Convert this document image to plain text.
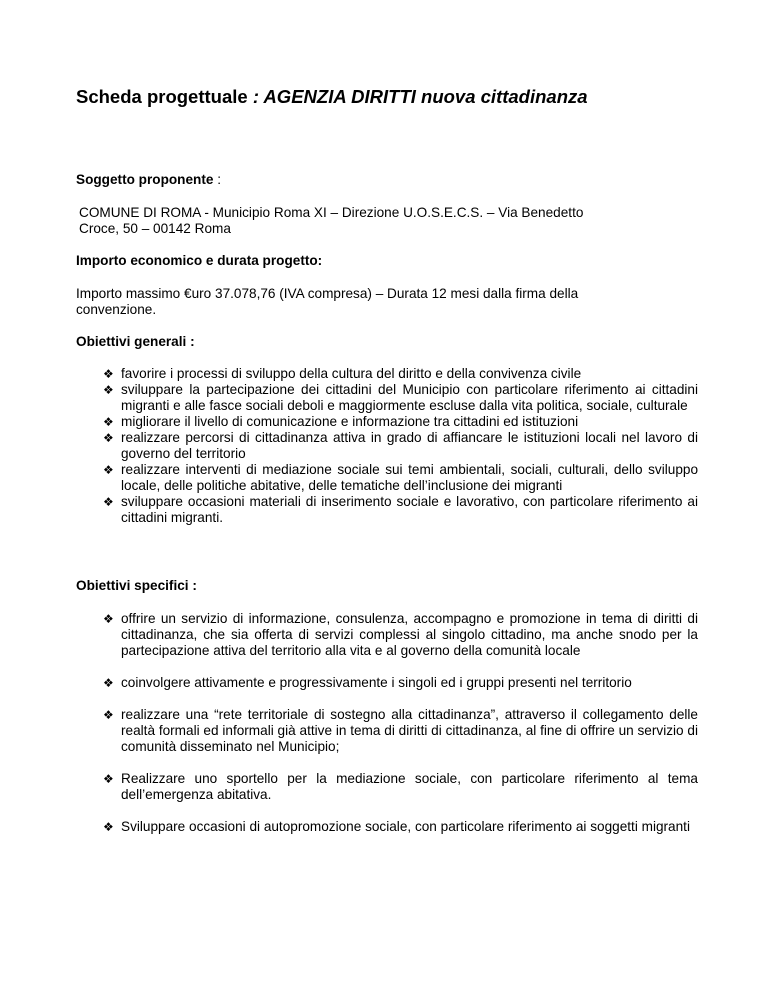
Scheda progettuale : AGENZIA DIRITTI nuova cittadinanza
Soggetto proponente :
COMUNE DI ROMA - Municipio Roma XI – Direzione U.O.S.E.C.S. – Via Benedetto
Croce, 50 – 00142 Roma
Importo economico e durata progetto:
Importo massimo €uro 37.078,76 (IVA compresa) – Durata 12 mesi dalla firma della
convenzione.
Obiettivi generali :
❖ favorire i processi di sviluppo della cultura del diritto e della convivenza civile
❖ sviluppare la partecipazione dei cittadini del Municipio con particolare riferimento ai cittadini migranti e alle fasce sociali deboli e maggiormente escluse dalla vita politica, sociale, culturale
❖ migliorare il livello di comunicazione e informazione tra cittadini ed istituzioni
❖ realizzare percorsi di cittadinanza attiva in grado di affiancare le istituzioni locali nel lavoro di governo del territorio
❖ realizzare interventi di mediazione sociale sui temi ambientali, sociali, culturali, dello sviluppo locale, delle politiche abitative, delle tematiche dell’inclusione dei migranti
❖ sviluppare occasioni materiali di inserimento sociale e lavorativo, con particolare riferimento ai cittadini migranti.
Obiettivi specifici :
❖ offrire un servizio di informazione, consulenza, accompagno e promozione in tema di diritti di cittadinanza, che sia offerta di servizi complessi al singolo cittadino, ma anche snodo per la partecipazione attiva del territorio alla vita e al governo della comunità locale
❖ coinvolgere attivamente e progressivamente i singoli ed i gruppi presenti nel territorio
❖ realizzare una “rete territoriale di sostegno alla cittadinanza”, attraverso il collegamento delle realtà formali ed informali già attive in tema di diritti di cittadinanza, al fine di offrire un servizio di comunità disseminato nel Municipio;
❖ Realizzare uno sportello per la mediazione sociale, con particolare riferimento al tema dell’emergenza abitativa.
❖ Sviluppare occasioni di autopromozione sociale, con particolare riferimento ai soggetti migranti
